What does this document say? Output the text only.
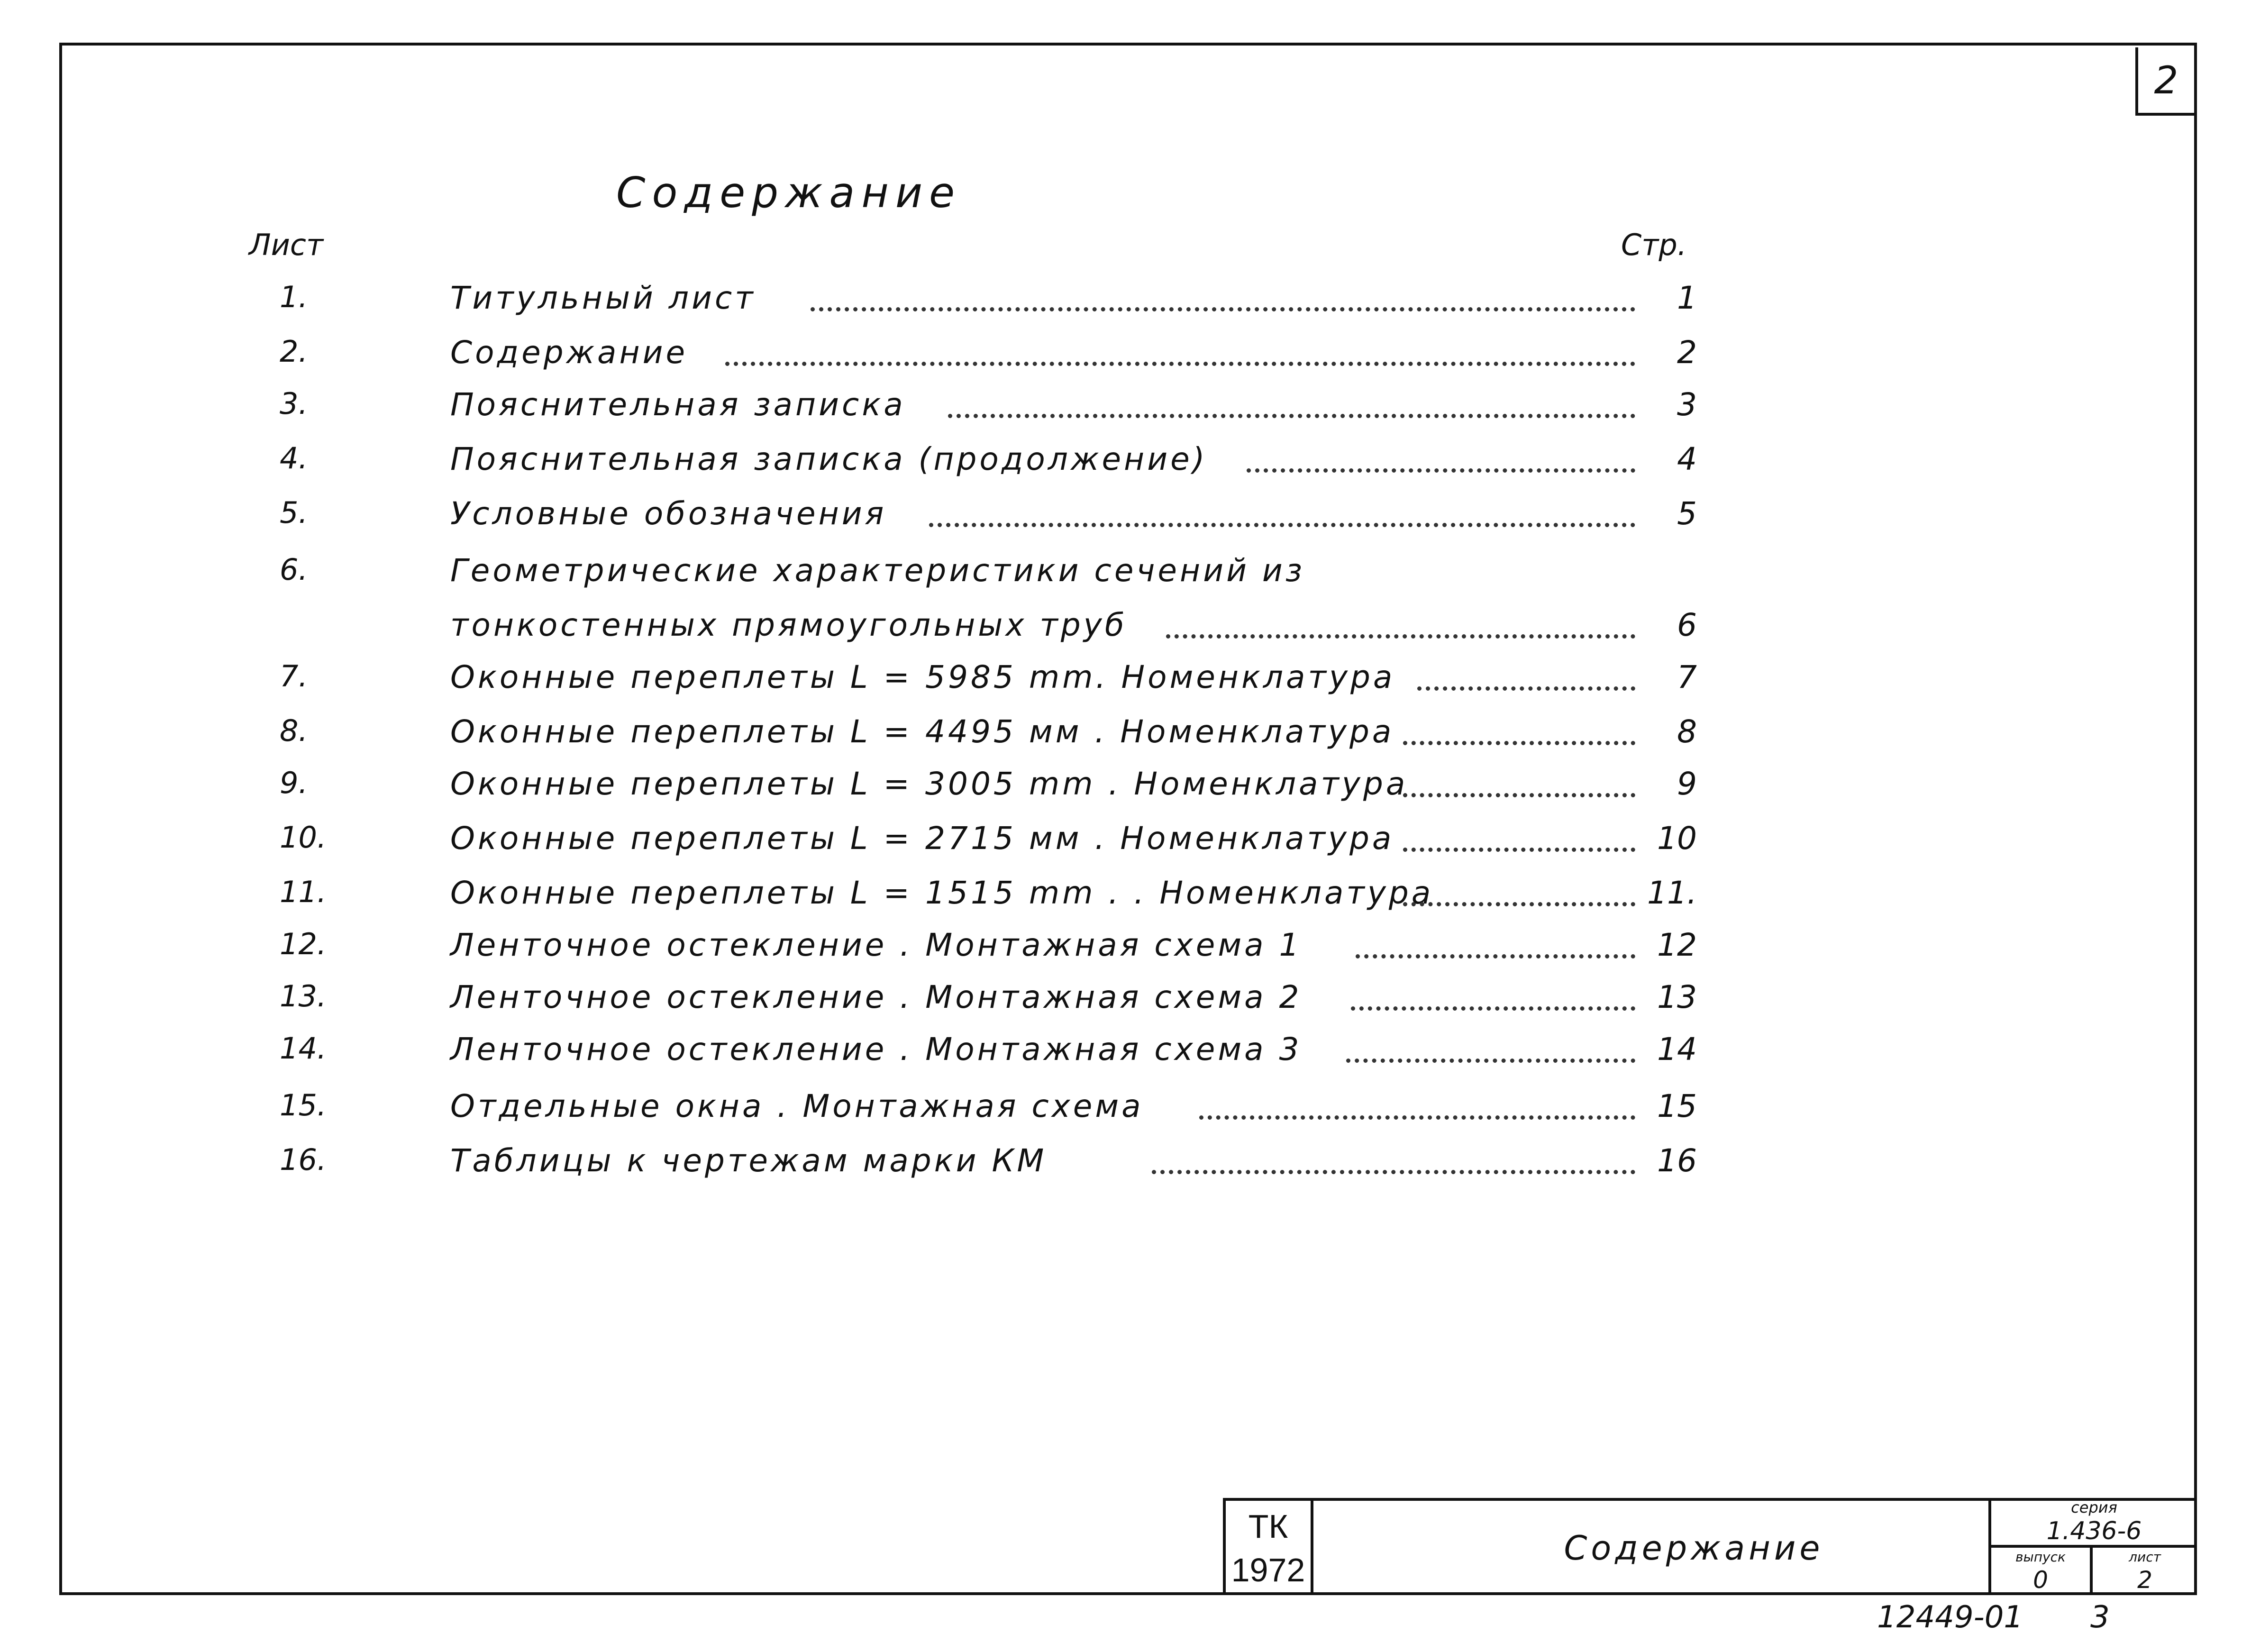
2
Содержание
Лист	Стр.
1.	Титульный лист	1
2.	Содержание	2
3.	Пояснительная записка	3
4.	Пояснительная записка (продолжение)	4
5.	Условные обозначения	5
6.	Геометрические характеристики сечений из
тонкостенных прямоугольных труб	6
7.	Оконные переплеты L = 5985 mm. Номенклатура	7
8.	Оконные переплеты L = 4495 мм . Номенклатура	8
9.	Оконные переплеты L = 3005 mm . Номенклатура	9
10.	Оконные переплеты L = 2715 мм . Номенклатура	10
11.	Оконные переплеты L = 1515 mm . . Номенклатура	11.
12.	Ленточное остекление . Монтажная схема 1	12
13.	Ленточное остекление . Монтажная схема 2	13
14.	Ленточное остекление . Монтажная схема 3	14
15.	Отдельные окна . Монтажная схема	15
16.	Таблицы к чертежам марки КМ	16
ТК
1972
Содержание
серия
1.436-6
выпуск
0
лист
2
12449-01 3
